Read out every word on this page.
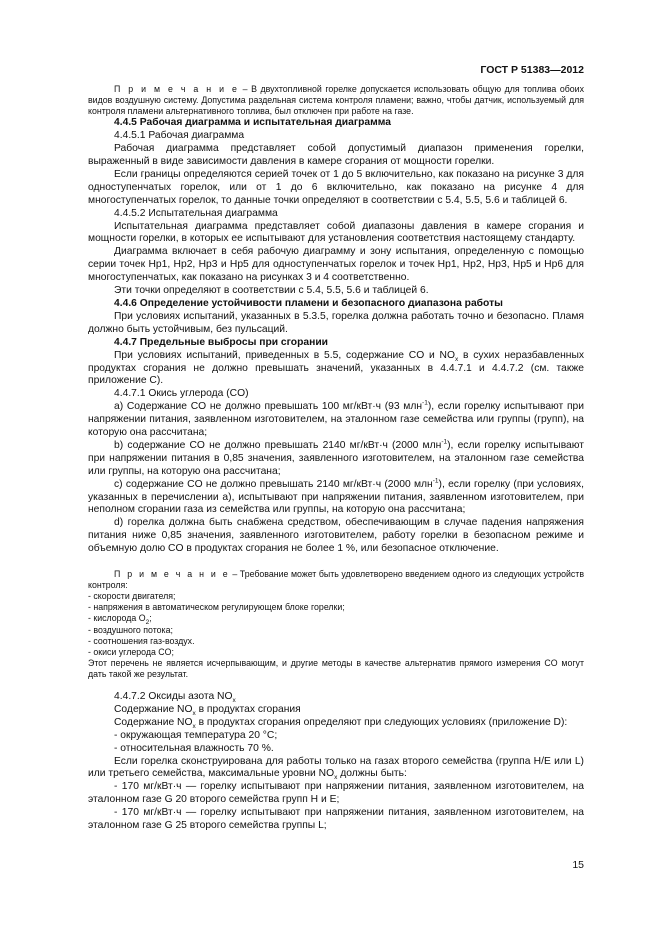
ГОСТ Р 51383—2012

П р и м е ч а н и е – В двухтопливной горелке допускается использовать общую для топлива обоих видов воздушную систему. Допустима раздельная система контроля пламени; важно, чтобы датчик, используемый для контроля пламени альтернативного топлива, был отключен при работе на газе.

4.4.5 Рабочая диаграмма и испытательная диаграмма

4.4.5.1 Рабочая диаграмма

Рабочая диаграмма представляет собой допустимый диапазон применения горелки, выраженный в виде зависимости давления в камере сгорания от мощности горелки.

Если границы определяются серией точек от 1 до 5 включительно, как показано на рисунке 3 для одноступенчатых горелок, или от 1 до 6 включительно, как показано на рисунке 4 для многоступенчатых горелок, то данные точки определяют в соответствии с 5.4, 5.5, 5.6 и таблицей 6.

4.4.5.2 Испытательная диаграмма

Испытательная диаграмма представляет собой диапазоны давления в камере сгорания и мощности горелки, в которых ее испытывают для установления соответствия настоящему стандарту.

Диаграмма включает в себя рабочую диаграмму и зону испытания, определенную с помощью серии точек Hp1, Hp2, Hp3 и Hp5 для одноступенчатых горелок и точек Hp1, Hp2, Hp3, Hp5 и Hp6 для многоступенчатых, как показано на рисунках 3 и 4 соответственно.

Эти точки определяют в соответствии с 5.4, 5.5, 5.6 и таблицей 6.

4.4.6 Определение устойчивости пламени и безопасного диапазона работы

При условиях испытаний, указанных в 5.3.5, горелка должна работать точно и безопасно. Пламя должно быть устойчивым, без пульсаций.

4.4.7 Предельные выбросы при сгорании

При условиях испытаний, приведенных в 5.5, содержание CO и $NO_x$ в сухих неразбавленных продуктах сгорания не должно превышать значений, указанных в 4.4.7.1 и 4.4.7.2 (см. также приложение C).

4.4.7.1 Окись углерода (CO)

a) Содержание CO не должно превышать 100 мг/кВт·ч (93 млн$^{-1}$), если горелку испытывают при напряжении питания, заявленном изготовителем, на эталонном газе семейства или группы (групп), на которую она рассчитана;

b) содержание CO не должно превышать 2140 мг/кВт·ч (2000 млн$^{-1}$), если горелку испытывают при напряжении питания в 0,85 значения, заявленного изготовителем, на эталонном газе семейства или группы, на которую она рассчитана;

c) содержание CO не должно превышать 2140 мг/кВт·ч (2000 млн$^{-1}$), если горелку (при условиях, указанных в перечислении a), испытывают при напряжении питания, заявленном изготовителем, при неполном сгорании газа из семейства или группы, на которую она рассчитана;

d) горелка должна быть снабжена средством, обеспечивающим в случае падения напряжения питания ниже 0,85 значения, заявленного изготовителем, работу горелки в безопасном режиме и объемную долю CO в продуктах сгорания не более 1 %, или безопасное отключение.

П р и м е ч а н и е – Требование может быть удовлетворено введением одного из следующих устройств контроля:

- скорости двигателя;

- напряжения в автоматическом регулирующем блоке горелки;

- кислорода $O_2$;

- воздушного потока;

- соотношения газ-воздух.

- окиси углерода CO;

Этот перечень не является исчерпывающим, и другие методы в качестве альтернатив прямого измерения CO могут дать такой же результат.

4.4.7.2 Оксиды азота $NO_x$

Содержание $NO_x$ в продуктах сгорания

Содержание $NO_x$ в продуктах сгорания определяют при следующих условиях (приложение D):

- окружающая температура 20 °С;

- относительная влажность 70 %.

Если горелка сконструирована для работы только на газах второго семейства (группа H/E или L) или третьего семейства, максимальные уровни $NO_x$ должны быть:

- 170 мг/кВт·ч — горелку испытывают при напряжении питания, заявленном изготовителем, на эталонном газе G 20 второго семейства групп H и E;

- 170 мг/кВт·ч — горелку испытывают при напряжении питания, заявленном изготовителем, на эталонном газе G 25 второго семейства группы L;

15
